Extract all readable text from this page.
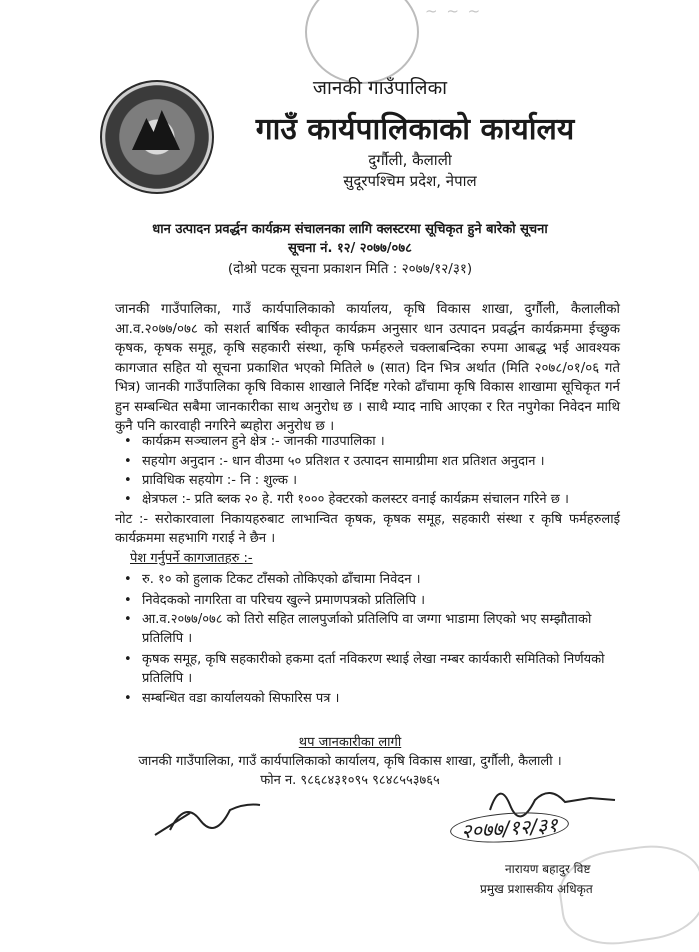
~ ~ ~
जानकी गाउँपालिका
गाउँ कार्यपालिकाको कार्यालय
दुर्गौली, कैलाली
सुदूरपश्चिम प्रदेश, नेपाल
धान उत्पादन प्रवर्द्धन कार्यक्रम संचालनका लागि क्लस्टरमा सूचिकृत हुने बारेको सूचना
सूचना नं. १२/ २०७७/०७८
(दोश्रो पटक सूचना प्रकाशन मिति : २०७७/१२/३१)
जानकी गाउँपालिका, गाउँ कार्यपालिकाको कार्यालय, कृषि विकास शाखा, दुर्गौली, कैलालीको आ.व.२०७७/०७८ को सशर्त बार्षिक स्वीकृत कार्यक्रम अनुसार धान उत्पादन प्रवर्द्धन कार्यक्रममा ईच्छुक कृषक, कृषक समूह, कृषि सहकारी संस्था, कृषि फर्महरुले चक्लाबन्दिका रुपमा आबद्ध भई आवश्यक कागजात सहित यो सूचना प्रकाशित भएको मितिले ७ (सात) दिन भित्र अर्थात (मिति २०७८/०१/०६ गते भित्र) जानकी गाउँपालिका कृषि विकास शाखाले निर्दिष्ट गरेको ढाँचामा कृषि विकास शाखामा सूचिकृत गर्न हुन सम्बन्धित सबैमा जानकारीका साथ अनुरोध छ । साथै म्याद नाघि आएका र रित नपुगेका निवेदन माथि कुनै पनि कारवाही नगरिने ब्यहोरा अनुरोध छ ।
• कार्यक्रम सञ्चालन हुने क्षेत्र :- जानकी गाउपालिका ।
• सहयोग अनुदान :- धान वीउमा ५० प्रतिशत र उत्पादन सामाग्रीमा शत प्रतिशत अनुदान ।
• प्राविधिक सहयोग :- नि : शुल्क ।
• क्षेत्रफल :- प्रति ब्लक २० हे. गरी १००० हेक्टरको कलस्टर वनाई कार्यक्रम संचालन गरिने छ ।
नोट :- सरोकारवाला निकायहरुबाट लाभान्वित कृषक, कृषक समूह, सहकारी संस्था र कृषि फर्महरुलाई कार्यक्रममा सहभागि गराई ने छैन ।
पेश गर्नुपर्ने कागजातहरु :-
• रु. १० को हुलाक टिकट टाँसको तोकिएको ढाँचामा निवेदन ।
• निवेदकको नागरिता वा परिचय खुल्ने प्रमाणपत्रको प्रतिलिपि ।
• आ.व.२०७७/०७८ को तिरो सहित लालपुर्जाको प्रतिलिपि वा जग्गा भाडामा लिएको भए सम्झौताको प्रतिलिपि ।
• कृषक समूह, कृषि सहकारीको हकमा दर्ता नविकरण स्थाई लेखा नम्बर कार्यकारी समितिको निर्णयको प्रतिलिपि ।
• सम्बन्धित वडा कार्यालयको सिफारिस पत्र ।
थप जानकारीका लागी
जानकी गाउँपालिका, गाउँ कार्यपालिकाको कार्यालय, कृषि विकास शाखा, दुर्गौली, कैलाली ।
फोन न. ९८६८४३१०९५ ९८४८५५३७६५
२०७७/१२/३१
नारायण बहादुर विष्ट
प्रमुख प्रशासकीय अधिकृत
